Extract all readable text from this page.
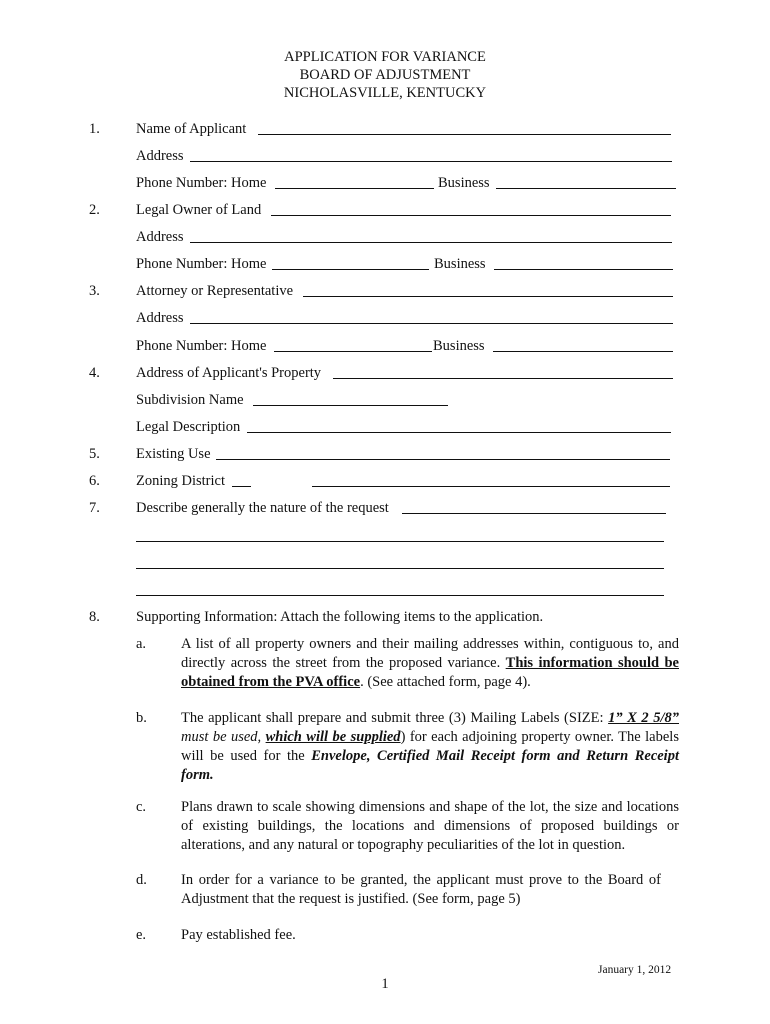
APPLICATION FOR VARIANCE
BOARD OF ADJUSTMENT
NICHOLASVILLE, KENTUCKY
1. Name of Applicant
Address
Phone Number: Home	Business
2. Legal Owner of Land
Address
Phone Number: Home	Business
3. Attorney or Representative
Address
Phone Number: Home	Business
4. Address of Applicant's Property
Subdivision Name
Legal Description
5. Existing Use
6. Zoning District
7. Describe generally the nature of the request
8. Supporting Information: Attach the following items to the application.
a. A list of all property owners and their mailing addresses within, contiguous to, and directly across the street from the proposed variance. This information should be obtained from the PVA office. (See attached form, page 4).
b. The applicant shall prepare and submit three (3) Mailing Labels (SIZE: 1” X 2 5/8” must be used, which will be supplied) for each adjoining property owner. The labels will be used for the Envelope, Certified Mail Receipt form and Return Receipt form.
c. Plans drawn to scale showing dimensions and shape of the lot, the size and locations of existing buildings, the locations and dimensions of proposed buildings or alterations, and any natural or topography peculiarities of the lot in question.
d. In order for a variance to be granted, the applicant must prove to the Board of Adjustment that the request is justified. (See form, page 5)
e. Pay established fee.
January 1, 2012
1
